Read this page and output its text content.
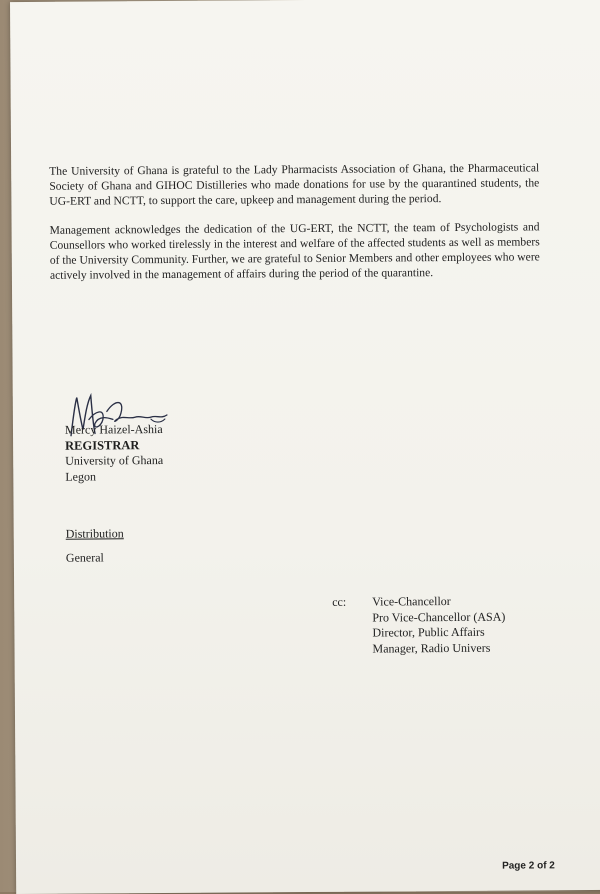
The University of Ghana is grateful to the Lady Pharmacists Association of Ghana, the Pharmaceutical Society of Ghana and GIHOC Distilleries who made donations for use by the quarantined students, the UG-ERT and NCTT, to support the care, upkeep and management during the period.

Management acknowledges the dedication of the UG-ERT, the NCTT, the team of Psychologists and Counsellors who worked tirelessly in the interest and welfare of the affected students as well as members of the University Community. Further, we are grateful to Senior Members and other employees who were actively involved in the management of affairs during the period of the quarantine.

Mercy Haizel-Ashia
REGISTRAR
University of Ghana
Legon
Distribution
General
cc:	Vice-Chancellor
Pro Vice-Chancellor (ASA)
Director, Public Affairs
Manager, Radio Univers
Page 2 of 2
